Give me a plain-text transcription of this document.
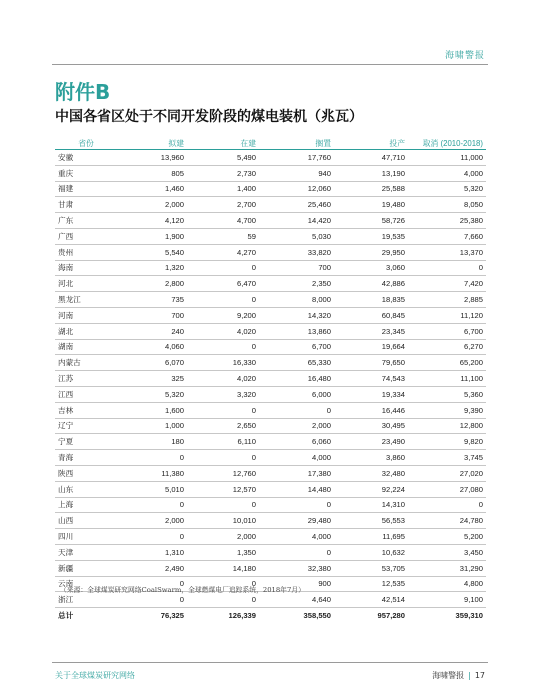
海啸警报
附件B
中国各省区处于不同开发阶段的煤电装机（兆瓦）
省份	拟建	在建	搁置	投产	取消 (2010-2018)
安徽	13,960	5,490	17,760	47,710	11,000
重庆	805	2,730	940	13,190	4,000
福建	1,460	1,400	12,060	25,588	5,320
甘肃	2,000	2,700	25,460	19,480	8,050
广东	4,120	4,700	14,420	58,726	25,380
广西	1,900	59	5,030	19,535	7,660
贵州	5,540	4,270	33,820	29,950	13,370
海南	1,320	0	700	3,060	0
河北	2,800	6,470	2,350	42,886	7,420
黑龙江	735	0	8,000	18,835	2,885
河南	700	9,200	14,320	60,845	11,120
湖北	240	4,020	13,860	23,345	6,700
湖南	4,060	0	6,700	19,664	6,270
内蒙古	6,070	16,330	65,330	79,650	65,200
江苏	325	4,020	16,480	74,543	11,100
江西	5,320	3,320	6,000	19,334	5,360
吉林	1,600	0	0	16,446	9,390
辽宁	1,000	2,650	2,000	30,495	12,800
宁夏	180	6,110	6,060	23,490	9,820
青海	0	0	4,000	3,860	3,745
陕西	11,380	12,760	17,380	32,480	27,020
山东	5,010	12,570	14,480	92,224	27,080
上海	0	0	0	14,310	0
山西	2,000	10,010	29,480	56,553	24,780
四川	0	2,000	4,000	11,695	5,200
天津	1,310	1,350	0	10,632	3,450
新疆	2,490	14,180	32,380	53,705	31,290
云南	0	0	900	12,535	4,800
浙江	0	0	4,640	42,514	9,100
总计	76,325	126,339	358,550	957,280	359,310
（来源：全球煤炭研究网络CoalSwarm，全球燃煤电厂追踪系统，2018年7月）
关于全球煤炭研究网络	海啸警报 | 17
